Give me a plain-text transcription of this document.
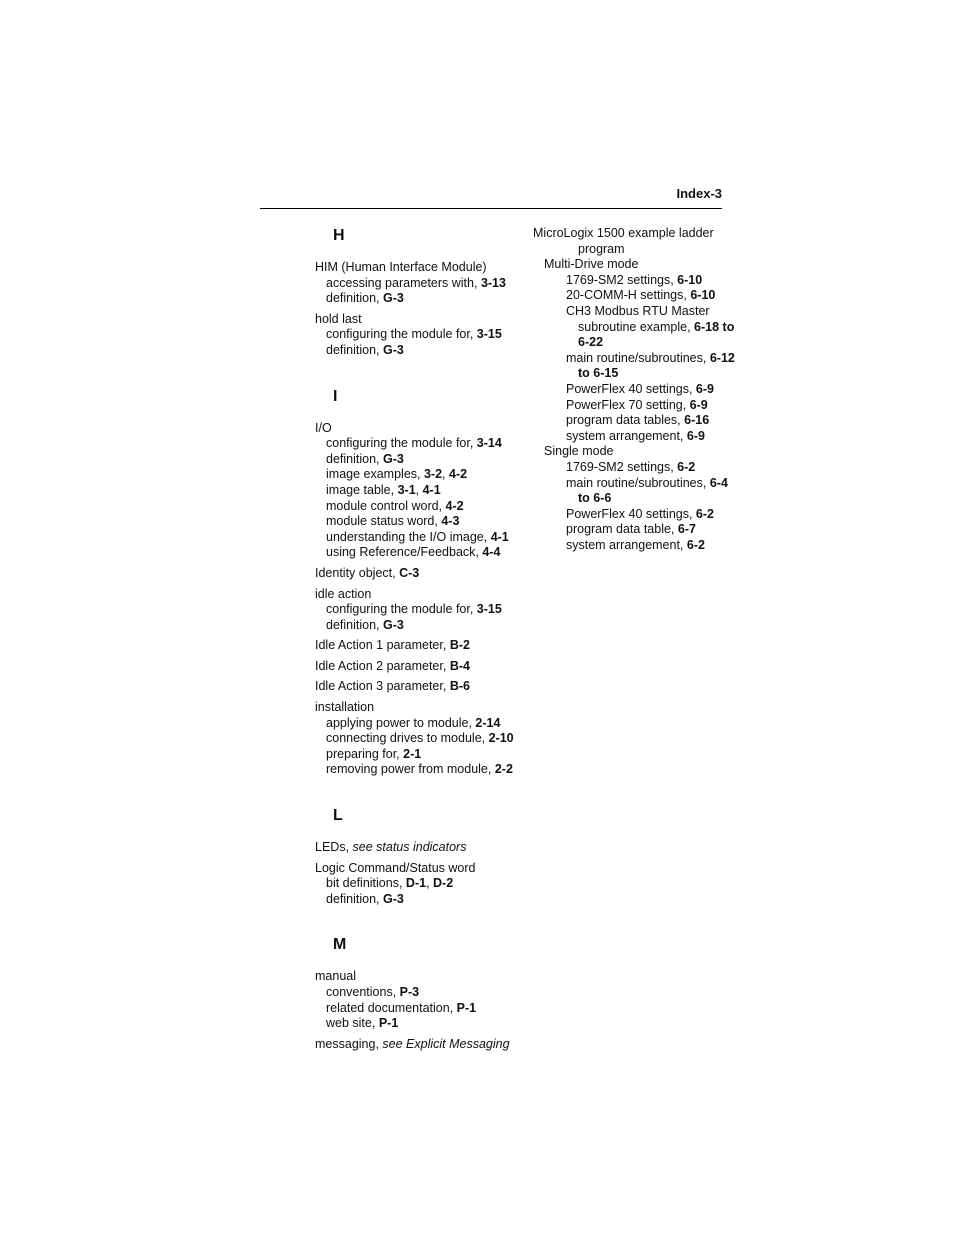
Index-3
H
HIM (Human Interface Module)
accessing parameters with, 3-13
definition, G-3
hold last
configuring the module for, 3-15
definition, G-3
I
I/O
configuring the module for, 3-14
definition, G-3
image examples, 3-2, 4-2
image table, 3-1, 4-1
module control word, 4-2
module status word, 4-3
understanding the I/O image, 4-1
using Reference/Feedback, 4-4
Identity object, C-3
idle action
configuring the module for, 3-15
definition, G-3
Idle Action 1 parameter, B-2
Idle Action 2 parameter, B-4
Idle Action 3 parameter, B-6
installation
applying power to module, 2-14
connecting drives to module, 2-10
preparing for, 2-1
removing power from module, 2-2
L
LEDs, see status indicators
Logic Command/Status word
bit definitions, D-1, D-2
definition, G-3
M
manual
conventions, P-3
related documentation, P-1
web site, P-1
messaging, see Explicit Messaging
MicroLogix 1500 example ladder
program
Multi-Drive mode
1769-SM2 settings, 6-10
20-COMM-H settings, 6-10
CH3 Modbus RTU Master
subroutine example, 6-18 to
6-22
main routine/subroutines, 6-12
to 6-15
PowerFlex 40 settings, 6-9
PowerFlex 70 setting, 6-9
program data tables, 6-16
system arrangement, 6-9
Single mode
1769-SM2 settings, 6-2
main routine/subroutines, 6-4
to 6-6
PowerFlex 40 settings, 6-2
program data table, 6-7
system arrangement, 6-2
